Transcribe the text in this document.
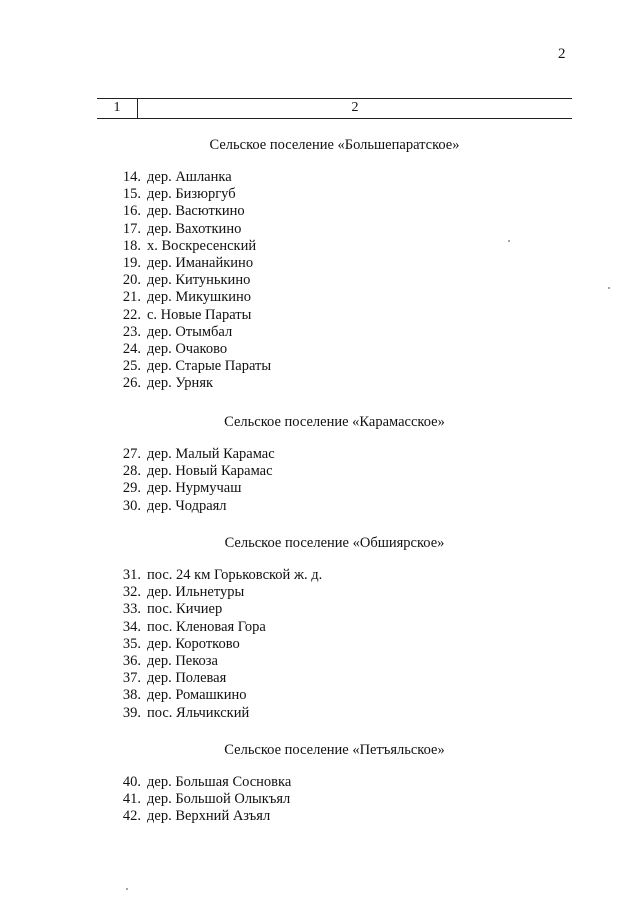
2
1	2
Сельское поселение «Большепаратское»
14. дер. Ашланка
15. дер. Бизюргуб
16. дер. Васюткино
17. дер. Вахоткино
18. х. Воскресенский
19. дер. Иманайкино
20. дер. Китунькино
21. дер. Микушкино
22. с. Новые Параты
23. дер. Отымбал
24. дер. Очаково
25. дер. Старые Параты
26. дер. Урняк
Сельское поселение «Карамасское»
27. дер. Малый Карамас
28. дер. Новый Карамас
29. дер. Нурмучаш
30. дер. Чодраял
Сельское поселение «Обшиярское»
31. пос. 24 км Горьковской ж. д.
32. дер. Ильнетуры
33. пос. Кичиер
34. пос. Кленовая Гора
35. дер. Коротково
36. дер. Пекоза
37. дер. Полевая
38. дер. Ромашкино
39. пос. Яльчикский
Сельское поселение «Петъяльское»
40. дер. Большая Сосновка
41. дер. Большой Олыкъял
42. дер. Верхний Азъял
